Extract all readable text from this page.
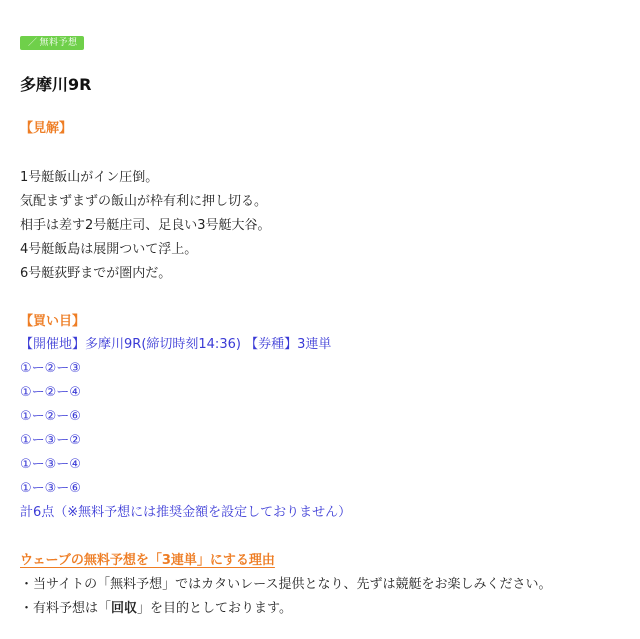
／ 無料予想
多摩川9R
【見解】
1号艇飯山がイン圧倒。
気配まずまずの飯山が枠有利に押し切る。
相手は差す2号艇庄司、足良い3号艇大谷。
4号艇飯島は展開ついて浮上。
6号艇荻野までが圏内だ。
【買い目】
【開催地】多摩川9R(締切時刻14:36) 【券種】3連単
①ー②ー③
①ー②ー④
①ー②ー⑥
①ー③ー②
①ー③ー④
①ー③ー⑥
計6点（※無料予想には推奨金額を設定しておりません）
ウェーブの無料予想を「3連単」にする理由
・当サイトの「無料予想」ではカタいレース提供となり、先ずは競艇をお楽しみください。
・有料予想は「回収」を目的としております。
